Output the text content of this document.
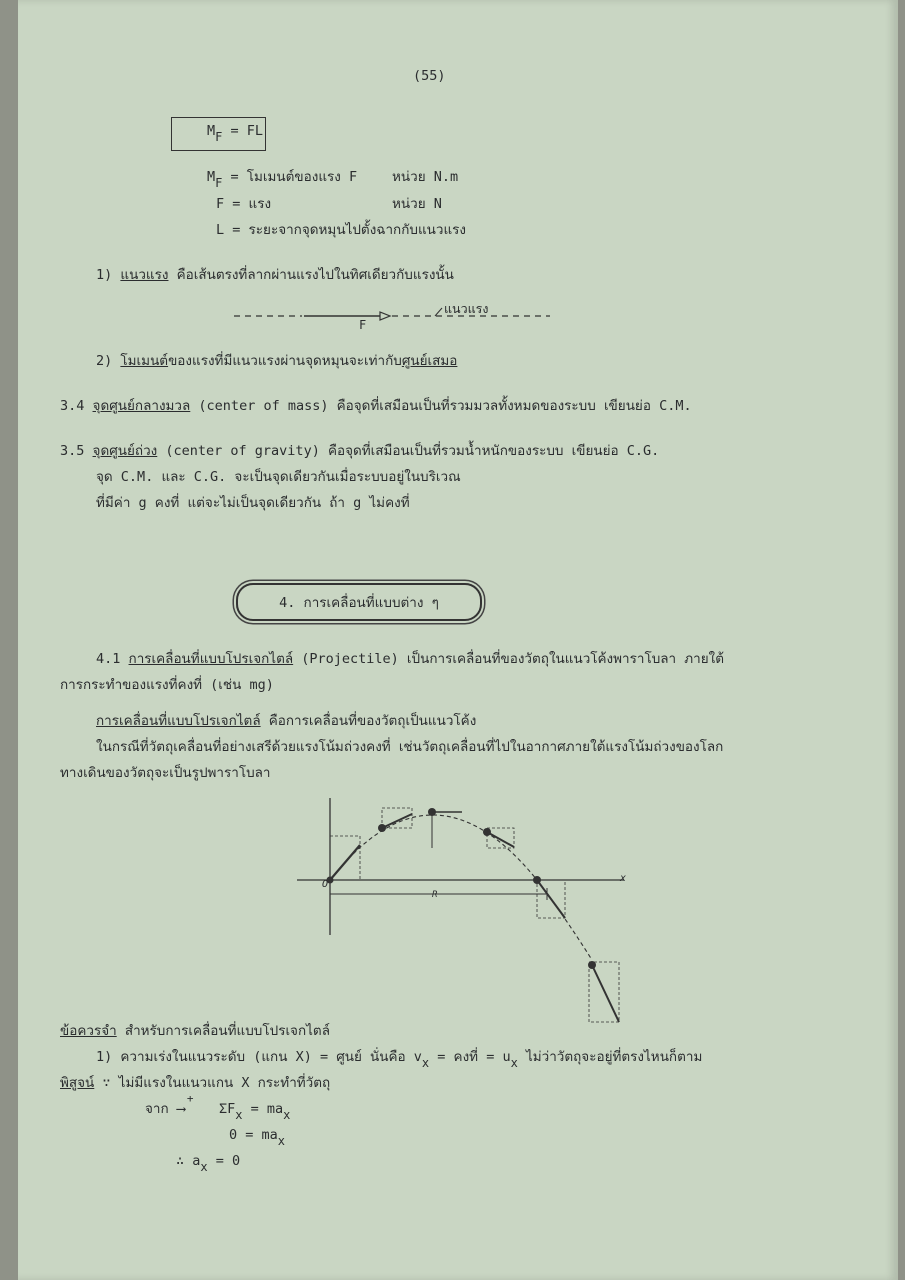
(55)
MF = FL
MF = โมเมนต์ของแรง F	หน่วย N.m
F = แรง	หน่วย N
L = ระยะจากจุดหมุนไปตั้งฉากกับแนวแรง
1) แนวแรง คือเส้นตรงที่ลากผ่านแรงไปในทิศเดียวกับแรงนั้น
F
แนวแรง
2) โมเมนต์ของแรงที่มีแนวแรงผ่านจุดหมุนจะเท่ากับศูนย์เสมอ
3.4 จุดศูนย์กลางมวล (center of mass) คือจุดที่เสมือนเป็นที่รวมมวลทั้งหมดของระบบ เขียนย่อ C.M.
3.5 จุดศูนย์ถ่วง (center of gravity) คือจุดที่เสมือนเป็นที่รวมน้ำหนักของระบบ เขียนย่อ C.G.
จุด C.M. และ C.G. จะเป็นจุดเดียวกันเมื่อระบบอยู่ในบริเวณ
ที่มีค่า g คงที่ แต่จะไม่เป็นจุดเดียวกัน ถ้า g ไม่คงที่
4. การเคลื่อนที่แบบต่าง ๆ
4.1 การเคลื่อนที่แบบโปรเจกไตล์ (Projectile) เป็นการเคลื่อนที่ของวัตถุในแนวโค้งพาราโบลา ภายใต้
การกระทำของแรงที่คงที่ (เช่น mg)
การเคลื่อนที่แบบโปรเจกไตล์ คือการเคลื่อนที่ของวัตถุเป็นแนวโค้ง
ในกรณีที่วัตถุเคลื่อนที่อย่างเสรีด้วยแรงโน้มถ่วงคงที่ เช่นวัตถุเคลื่อนที่ไปในอากาศภายใต้แรงโน้มถ่วงของโลก
ทางเดินของวัตถุจะเป็นรูปพาราโบลา
O
x
R
ข้อควรจำ สำหรับการเคลื่อนที่แบบโปรเจกไตล์
1) ความเร่งในแนวระดับ (แกน X) = ศูนย์ นั่นคือ vx = คงที่ = ux ไม่ว่าวัตถุจะอยู่ที่ตรงไหนก็ตาม
พิสูจน์ ∵ ไม่มีแรงในแนวแกน X กระทำที่วัตถุ
จาก
+
⟶	ΣFx = max
0 = max
∴ ax = 0
